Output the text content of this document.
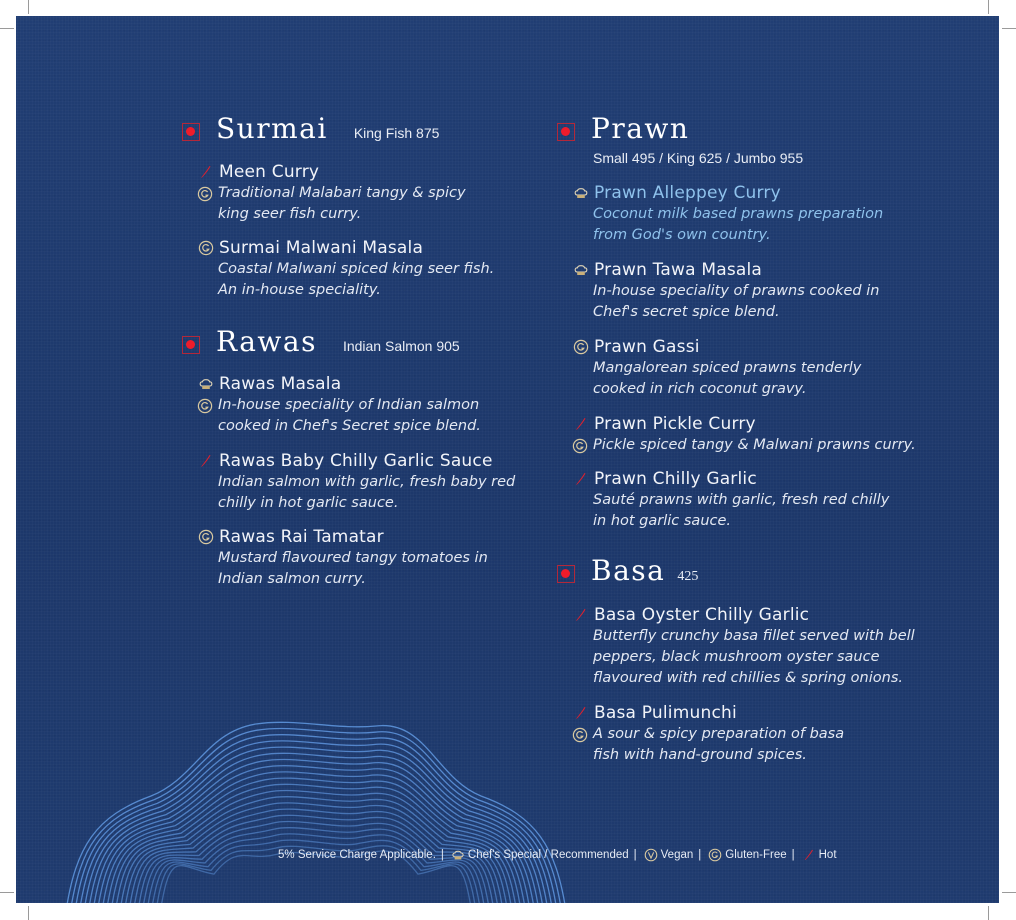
Surmai King Fish 875
Meen Curry
Traditional Malabari tangy & spicy
king seer fish curry.
Surmai Malwani Masala
Coastal Malwani spiced king seer fish.
An in-house speciality.
Rawas Indian Salmon 905
Rawas Masala
In-house speciality of Indian salmon
cooked in Chef's Secret spice blend.
Rawas Baby Chilly Garlic Sauce
Indian salmon with garlic, fresh baby red
chilly in hot garlic sauce.
Rawas Rai Tamatar
Mustard flavoured tangy tomatoes in
Indian salmon curry.
Prawn
Small 495 / King 625 / Jumbo 955
Prawn Alleppey Curry
Coconut milk based prawns preparation
from God's own country.
Prawn Tawa Masala
In-house speciality of prawns cooked in
Chef's secret spice blend.
Prawn Gassi
Mangalorean spiced prawns tenderly
cooked in rich coconut gravy.
Prawn Pickle Curry
Pickle spiced tangy & Malwani prawns curry.
Prawn Chilly Garlic
Sauté prawns with garlic, fresh red chilly
in hot garlic sauce.
Basa 425
Basa Oyster Chilly Garlic
Butterfly crunchy basa fillet served with bell
peppers, black mushroom oyster sauce
flavoured with red chillies & spring onions.
Basa Pulimunchi
A sour & spicy preparation of basa
fish with hand-ground spices.
5% Service Charge Applicable. | Chef's Special / Recommended | Vegan | Gluten-Free | Hot
